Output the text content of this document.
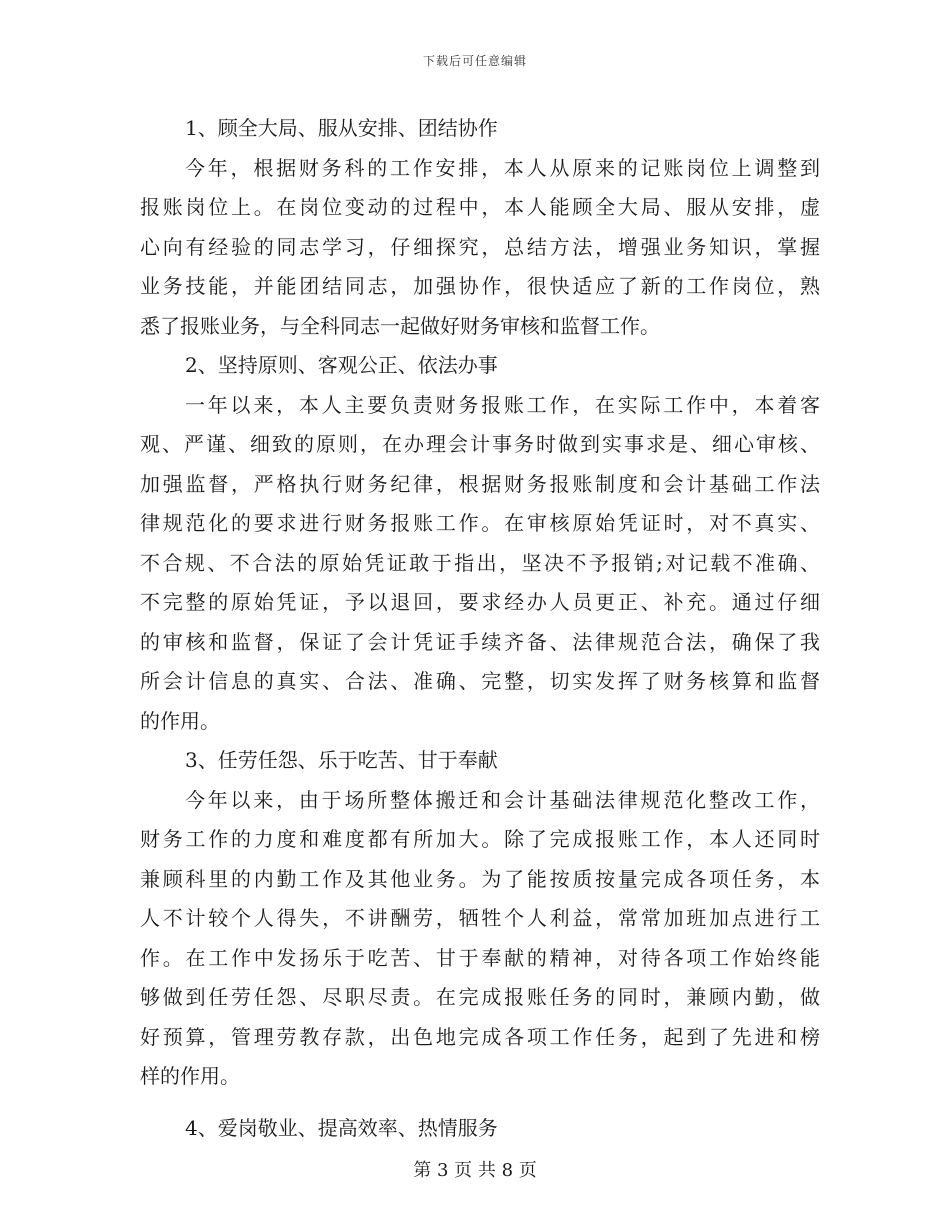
下载后可任意编辑
1、顾全大局、服从安排、团结协作
今年，根据财务科的工作安排，本人从原来的记账岗位上调整到
报账岗位上。在岗位变动的过程中，本人能顾全大局、服从安排，虚
心向有经验的同志学习，仔细探究，总结方法，增强业务知识，掌握
业务技能，并能团结同志，加强协作，很快适应了新的工作岗位，熟
悉了报账业务，与全科同志一起做好财务审核和监督工作。
2、坚持原则、客观公正、依法办事
一年以来，本人主要负责财务报账工作，在实际工作中，本着客
观、严谨、细致的原则，在办理会计事务时做到实事求是、细心审核、
加强监督，严格执行财务纪律，根据财务报账制度和会计基础工作法
律规范化的要求进行财务报账工作。在审核原始凭证时，对不真实、
不合规、不合法的原始凭证敢于指出，坚决不予报销;对记载不准确、
不完整的原始凭证，予以退回，要求经办人员更正、补充。通过仔细
的审核和监督，保证了会计凭证手续齐备、法律规范合法，确保了我
所会计信息的真实、合法、准确、完整，切实发挥了财务核算和监督
的作用。
3、任劳任怨、乐于吃苦、甘于奉献
今年以来，由于场所整体搬迁和会计基础法律规范化整改工作，
财务工作的力度和难度都有所加大。除了完成报账工作，本人还同时
兼顾科里的内勤工作及其他业务。为了能按质按量完成各项任务，本
人不计较个人得失，不讲酬劳，牺牲个人利益，常常加班加点进行工
作。在工作中发扬乐于吃苦、甘于奉献的精神，对待各项工作始终能
够做到任劳任怨、尽职尽责。在完成报账任务的同时，兼顾内勤，做
好预算，管理劳教存款，出色地完成各项工作任务，起到了先进和榜
样的作用。
4、爱岗敬业、提高效率、热情服务
第 3 页 共 8 页
